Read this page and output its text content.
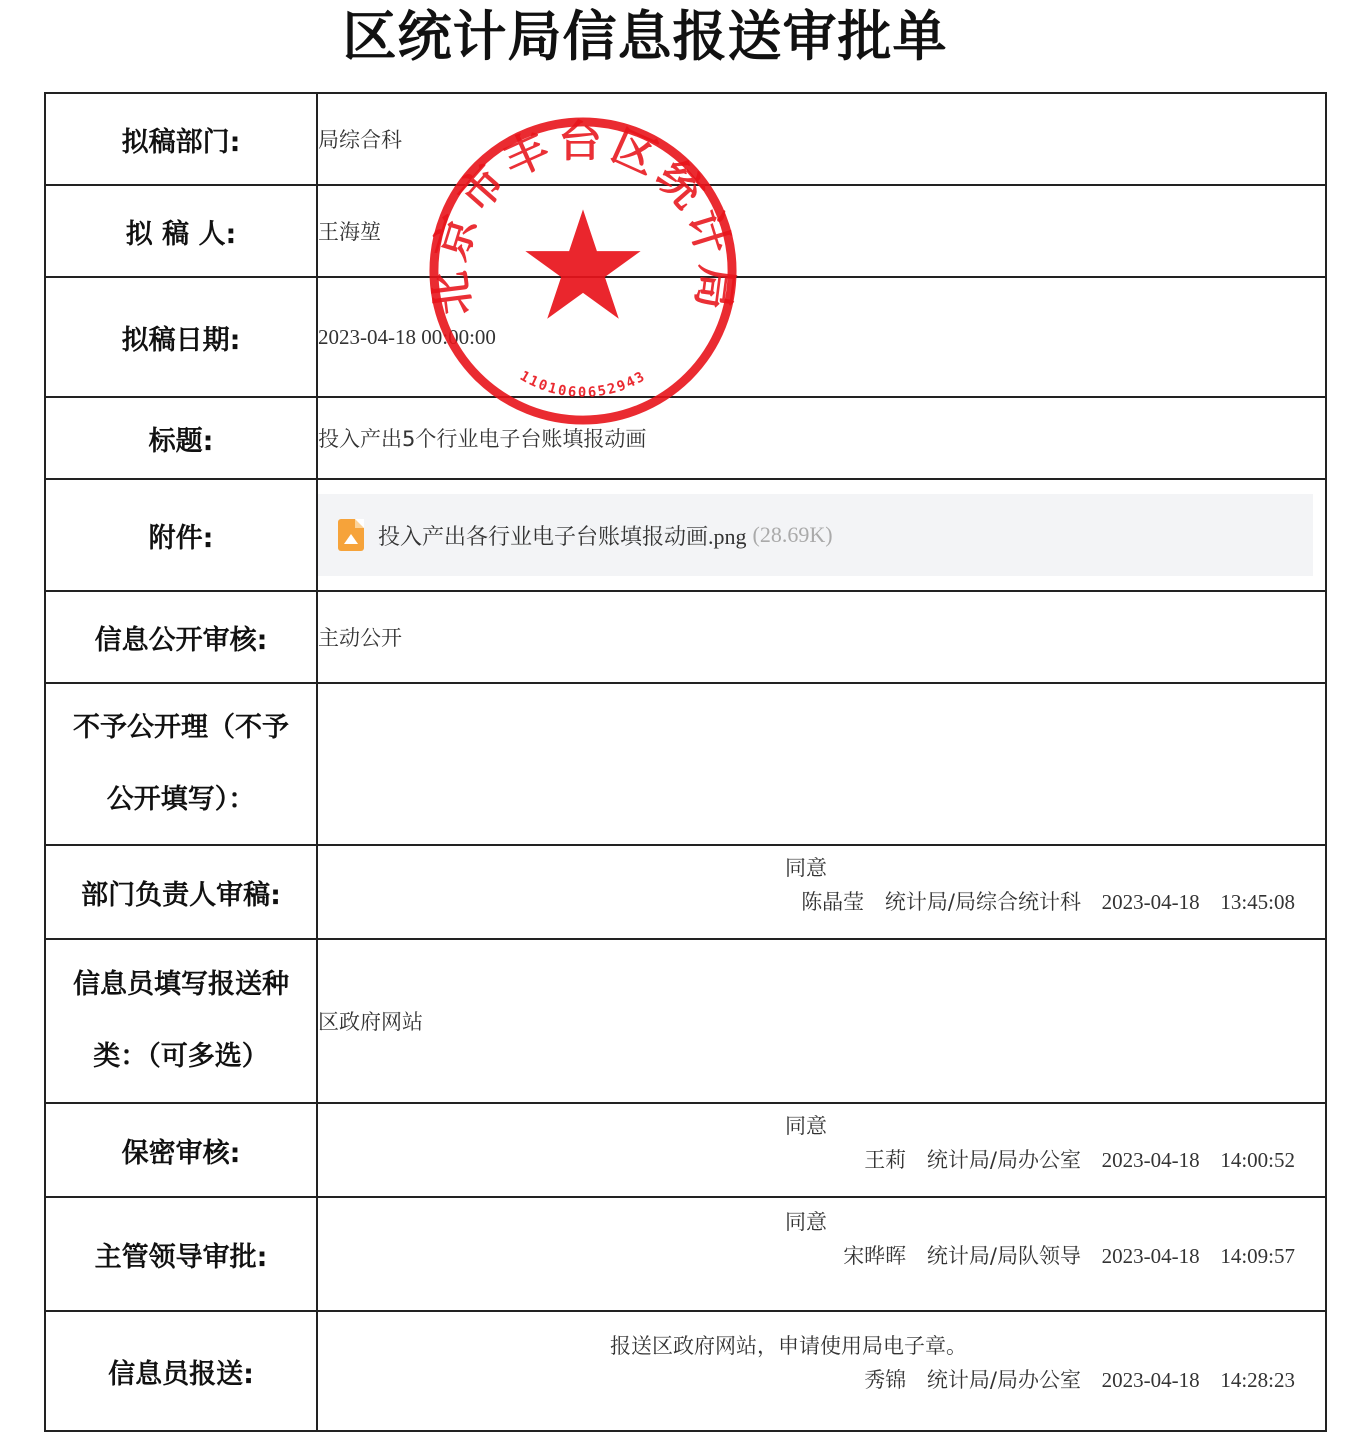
区统计局信息报送审批单
拟稿部门:	局综合科
拟 稿 人:	王海堃
拟稿日期:	2023-04-18 00:00:00
标题:	投入产出5个行业电子台账填报动画
附件:	投入产出各行业电子台账填报动画.png (28.69K)

信息公开审核:	主动公开

不予公开理（不予
公开填写）：	

部门负责人审稿:	同意
陈晶莹 统计局/局综合统计科 2023-04-18 13:45:08

信息员填写报送种
类：（可多选）	区政府网站
保密审核:	同意
王莉 统计局/局办公室 2023-04-18 14:00:52

主管领导审批:	同意
宋晔晖 统计局/局队领导 2023-04-18 14:09:57

信息员报送:	报送区政府网站，申请使用局电子章。
秀锦 统计局/局办公室 2023-04-18 14:28:23
北京市丰台区统计局
1101060652943
